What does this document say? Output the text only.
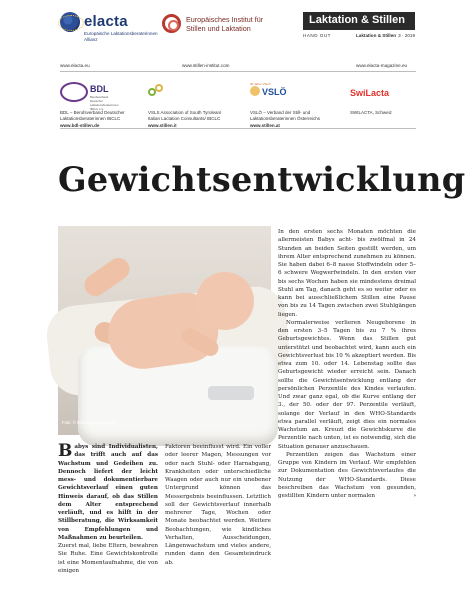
elacta
Europäische Laktationsberaterinnen Allianz
Europäisches Institut für Stillen und Laktation
Laktation & Stillen
HAND OUT	Laktation & Stillen 3 · 2019
www.elacta.eu	www.stillen-institut.com	www.elacta-magazine.eu
BDL
Berufsverband Deutscher Laktationsberaterinnen IBCLC e.V.
BDL – Berufsverband Deutscher
Laktationsberaterinnen IBCLC
www.bdl-stillen.de
VSLS Association of South Tyrolean/
Italian Lactation Consultants/ IBCLC
www.stillen.it
30 Jahre VSLÖ
VSLÖ
VSLÖ – Verband der Still- und
Laktationsberaterinnen Österreichs
www.stillen.at
SwiLacta
SWILACTA, Schweiz
Gewichtsentwicklung
Foto: © Bettina Kennerknecht

B abys sind Individualisten, das trifft auch auf das Wachstum und Gedeihen zu. Dennoch liefert der leicht mess- und dokumentierbare Gewichtsverlauf einen guten Hinweis darauf, ob das Stillen dem Alter entsprechend verläuft, und es hilft in der Stillberatung, die Wirksamkeit von Empfehlungen und Maßnahmen zu beurteilen.

Zuerst mal, liebe Eltern, bewahren Sie Ruhe. Eine Gewichtskontrolle ist eine Momentaufnahme, die von einigen

Faktoren beeinflusst wird. Ein voller oder leerer Magen, Messungen vor oder nach Stuhl- oder Harnabgang, Krankheiten oder unterschiedliche Waagen oder auch nur ein unebener Untergrund können das Messergebnis beeinflussen. Letztlich soll der Gewichtsverlauf innerhalb mehrerer Tage, Wochen oder Monate beobachtet werden. Weitere Beobachtungen, wie kindliches Verhalten, Ausscheidungen, Längenwachstum und vieles andere, runden dann den Gesamteindruck ab.

In den ersten sechs Monaten möchten die allermeisten Babys acht- bis zwölfmal in 24 Stunden an beiden Seiten gestillt werden, um ihrem Alter entsprechend zunehmen zu können. Sie haben dabei 6–8 nasse Stoffwindeln oder 5–6 schwere Wegwerfwindeln. In den ersten vier bis sechs Wochen haben sie mindestens dreimal Stuhl am Tag, danach geht es so weiter oder es kann bei ausschließlichem Stillen eine Pause von bis zu 14 Tagen zwischen zwei Stuhlgängen liegen.

Normalerweise verlieren Neugeborene in den ersten 3–5 Tagen bis zu 7 % ihres Geburtsgewichtes. Wenn das Stillen gut unterstützt und beobachtet wird, kann auch ein Gewichtsverlust bis 10 % akzeptiert werden. Bis etwa zum 10. oder 14. Lebenstag sollte das Geburtsgewicht wieder erreicht sein. Danach sollte die Gewichtsentwicklung entlang der persönlichen Perzentile des Kindes verlaufen. Und zwar ganz egal, ob die Kurve entlang der 3., der 50. oder der 97. Perzentile verläuft, solange der Verlauf in den WHO-Standards etwa parallel verläuft, zeigt dies ein normales Wachstum an. Kreuzt die Gewichtskurve die Perzentile nach unten, ist es notwendig, sich die Situation genauer anzuschauen.

Perzentilen zeigen das Wachstum einer Gruppe von Kindern im Verlauf. Wir empfehlen zur Dokumentation des Gewichtsverlaufes die Nutzung der WHO-Standards. Diese beschreiben das Wachstum von gesunden, gestillten Kindern unter normalen	›
